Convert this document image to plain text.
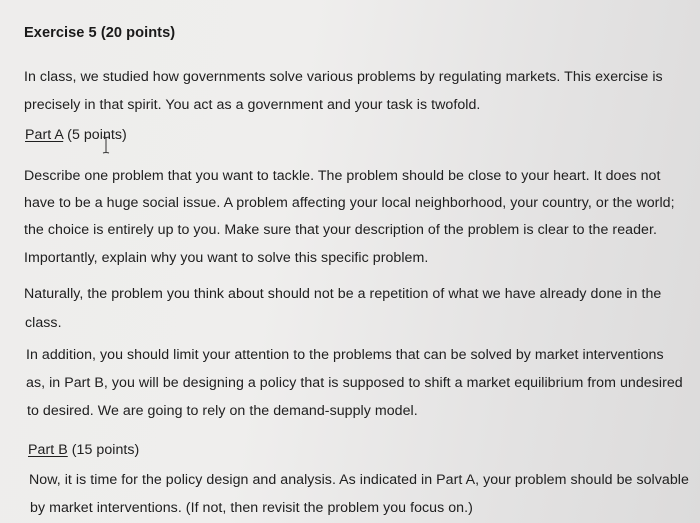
Exercise 5 (20 points)
In class, we studied how governments solve various problems by regulating markets. This exercise is
precisely in that spirit. You act as a government and your task is twofold.
Part A (5 points)
Describe one problem that you want to tackle. The problem should be close to your heart. It does not
have to be a huge social issue. A problem affecting your local neighborhood, your country, or the world;
the choice is entirely up to you. Make sure that your description of the problem is clear to the reader.
Importantly, explain why you want to solve this specific problem.
Naturally, the problem you think about should not be a repetition of what we have already done in the
class.
In addition, you should limit your attention to the problems that can be solved by market interventions
as, in Part B, you will be designing a policy that is supposed to shift a market equilibrium from undesired
to desired. We are going to rely on the demand-supply model.
Part B (15 points)
Now, it is time for the policy design and analysis. As indicated in Part A, your problem should be solvable
by market interventions. (If not, then revisit the problem you focus on.)
